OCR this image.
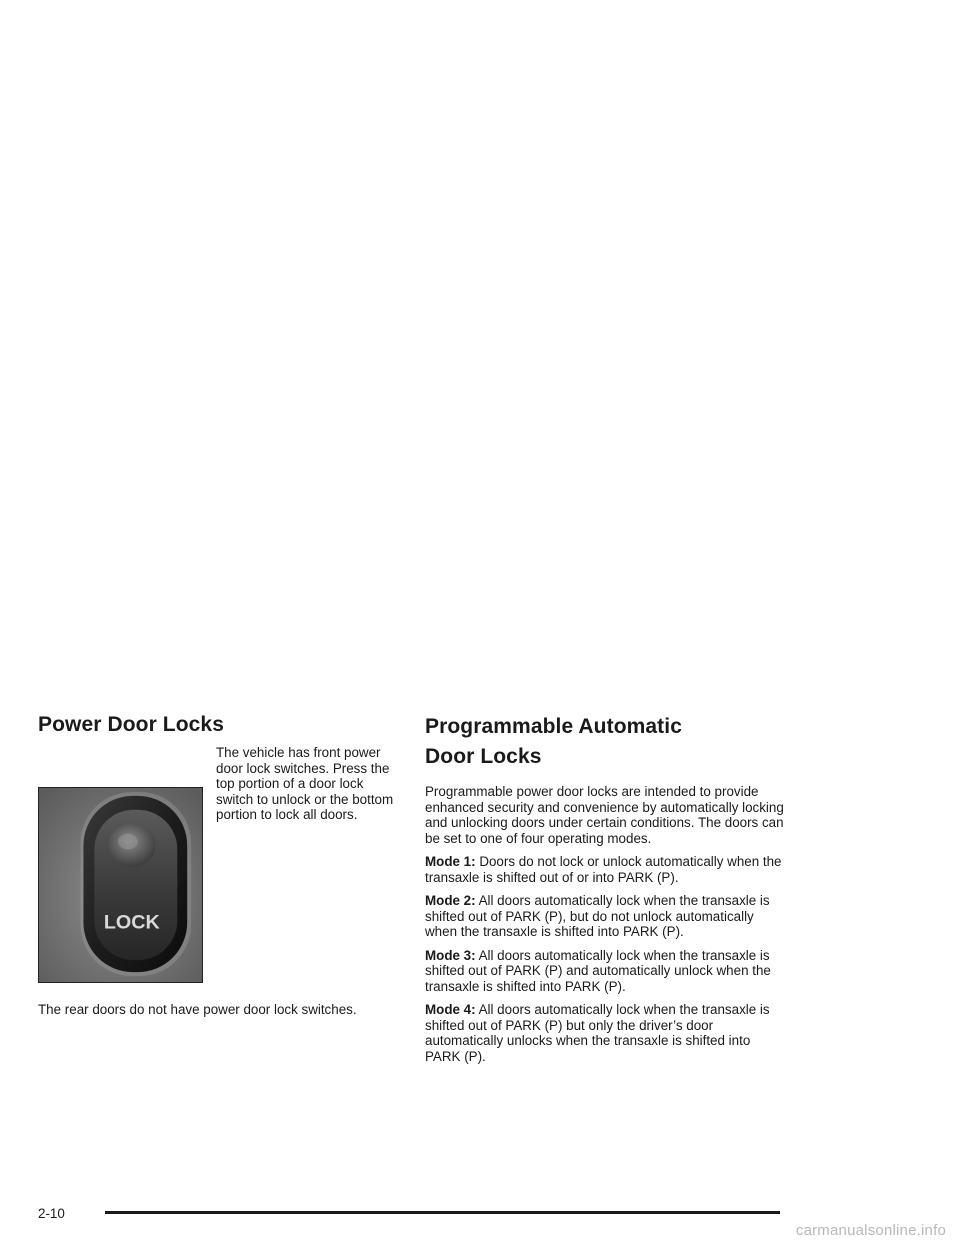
Power Door Locks
LOCK
The vehicle has front power door lock switches. Press the top portion of a door lock switch to unlock or the bottom portion to lock all doors.

The rear doors do not have power door lock switches.

Programmable Automatic
Door Locks

Programmable power door locks are intended to provide enhanced security and convenience by automatically locking and unlocking doors under certain conditions. The doors can be set to one of four operating modes.

Mode 1: Doors do not lock or unlock automatically when the transaxle is shifted out of or into PARK (P).

Mode 2: All doors automatically lock when the transaxle is shifted out of PARK (P), but do not unlock automatically when the transaxle is shifted into PARK (P).

Mode 3: All doors automatically lock when the transaxle is shifted out of PARK (P) and automatically unlock when the transaxle is shifted into PARK (P).

Mode 4: All doors automatically lock when the transaxle is shifted out of PARK (P) but only the driver’s door automatically unlocks when the transaxle is shifted into PARK (P).

2-10
carmanualsonline.info
